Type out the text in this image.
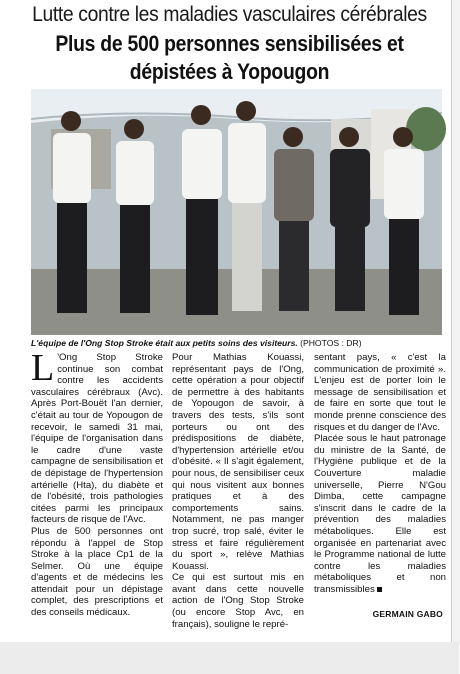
Lutte contre les maladies vasculaires cérébrales
Plus de 500 personnes sensibilisées et
dépistées à Yopougon
L'équipe de l'Ong Stop Stroke était aux petits soins des visiteurs. (PHOTOS : DR)

L 'Ong Stop Stroke continue son combat contre les accidents vasculaires cérébraux (Avc). Après Port-Bouët l'an dernier, c'était au tour de Yopougon de recevoir, le samedi 31 mai, l'équipe de l'organisation dans le cadre d'une vaste campagne de sensibilisation et de dépistage de l'hypertension artérielle (Hta), du diabète et de l'obésité, trois pathologies citées parmi les principaux facteurs de risque de l'Avc.

Plus de 500 personnes ont répondu à l'appel de Stop Stroke à la place Cp1 de la Selmer. Où une équipe d'agents et de médecins les attendait pour un dépistage complet, des prescriptions et des conseils médicaux.

Pour Mathias Kouassi, représentant pays de l'Ong, cette opération a pour objectif de permettre à des habitants de Yopougon de savoir, à travers des tests, s'ils sont porteurs ou ont des prédispositions de diabète, d'hypertension artérielle et/ou d'obésité. « Il s'agit également, pour nous, de sensibiliser ceux qui nous visitent aux bonnes pratiques et à des comportements sains. Notamment, ne pas manger trop sucré, trop salé, éviter le stress et faire régulièrement du sport », relève Mathias Kouassi.

Ce qui est surtout mis en avant dans cette nouvelle action de l'Ong Stop Stroke (ou encore Stop Avc, en français), souligne le repré-

sentant pays, « c'est la communication de proximité ». L'enjeu est de porter loin le message de sensibilisation et de faire en sorte que tout le monde prenne conscience des risques et du danger de l'Avc.

Placée sous le haut patronage du ministre de la Santé, de l'Hygiène publique et de la Couverture maladie universelle, Pierre N'Gou Dimba, cette campagne s'inscrit dans le cadre de la prévention des maladies métaboliques. Elle est organisée en partenariat avec le Programme national de lutte contre les maladies métaboliques et non transmissibles

GERMAIN GABO
